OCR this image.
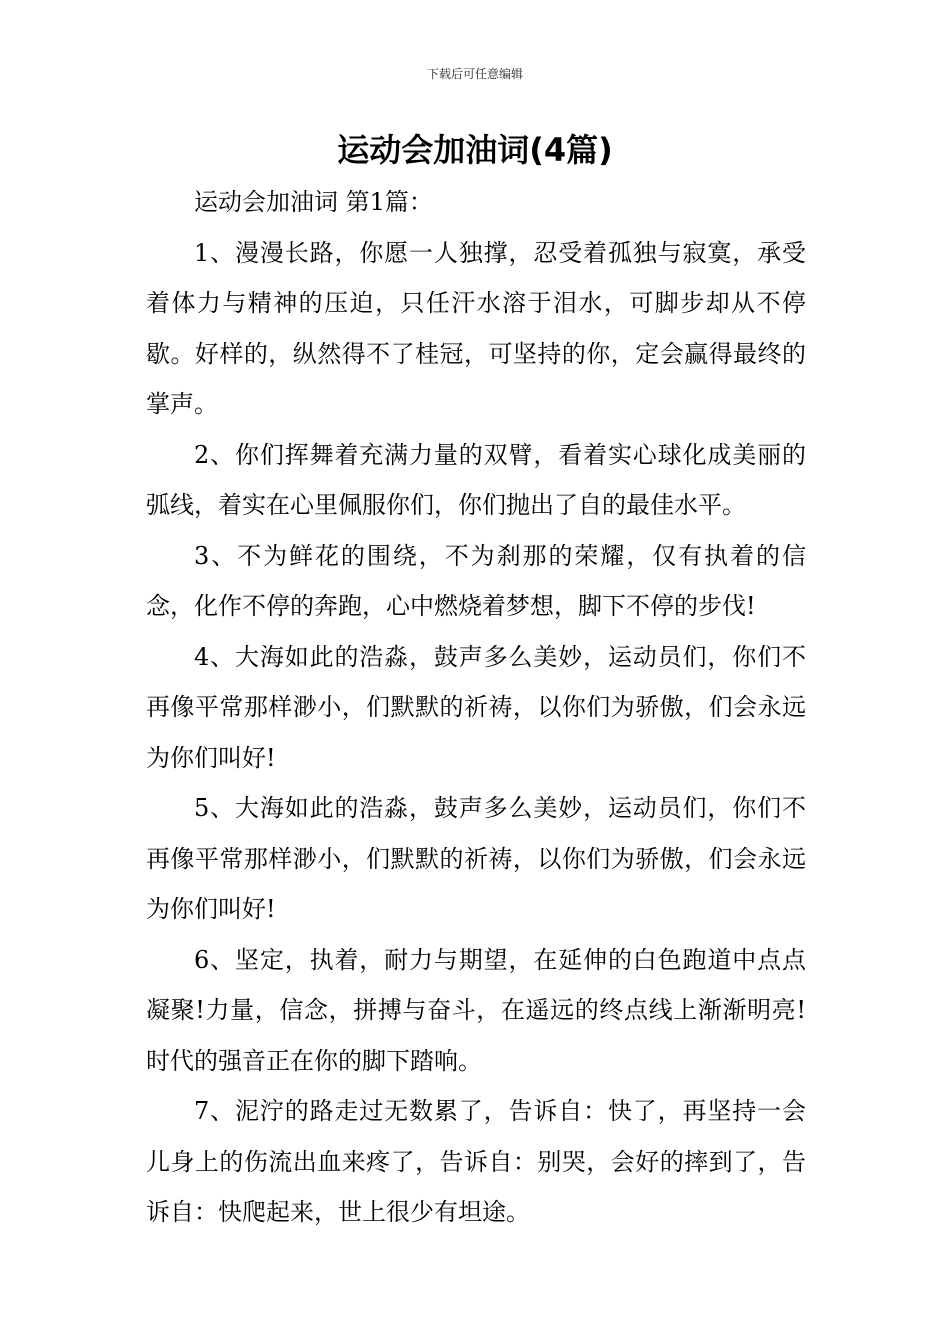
下载后可任意编辑
运动会加油词(4篇)

运动会加油词 第1篇：

1、漫漫长路，你愿一人独撑，忍受着孤独与寂寞，承受着体力与精神的压迫，只任汗水溶于泪水，可脚步却从不停歇。好样的，纵然得不了桂冠，可坚持的你，定会赢得最终的掌声。

2、你们挥舞着充满力量的双臂，看着实心球化成美丽的弧线，着实在心里佩服你们，你们抛出了自的最佳水平。

3、不为鲜花的围绕，不为刹那的荣耀，仅有执着的信念，化作不停的奔跑，心中燃烧着梦想，脚下不停的步伐!

4、大海如此的浩淼，鼓声多么美妙，运动员们，你们不再像平常那样渺小，们默默的祈祷，以你们为骄傲，们会永远为你们叫好!

5、大海如此的浩淼，鼓声多么美妙，运动员们，你们不再像平常那样渺小，们默默的祈祷，以你们为骄傲，们会永远为你们叫好!

6、坚定，执着，耐力与期望，在延伸的白色跑道中点点凝聚!力量，信念，拼搏与奋斗，在遥远的终点线上渐渐明亮!时代的强音正在你的脚下踏响。

7、泥泞的路走过无数累了，告诉自：快了，再坚持一会儿身上的伤流出血来疼了，告诉自：别哭，会好的摔到了，告诉自：快爬起来，世上很少有坦途。
